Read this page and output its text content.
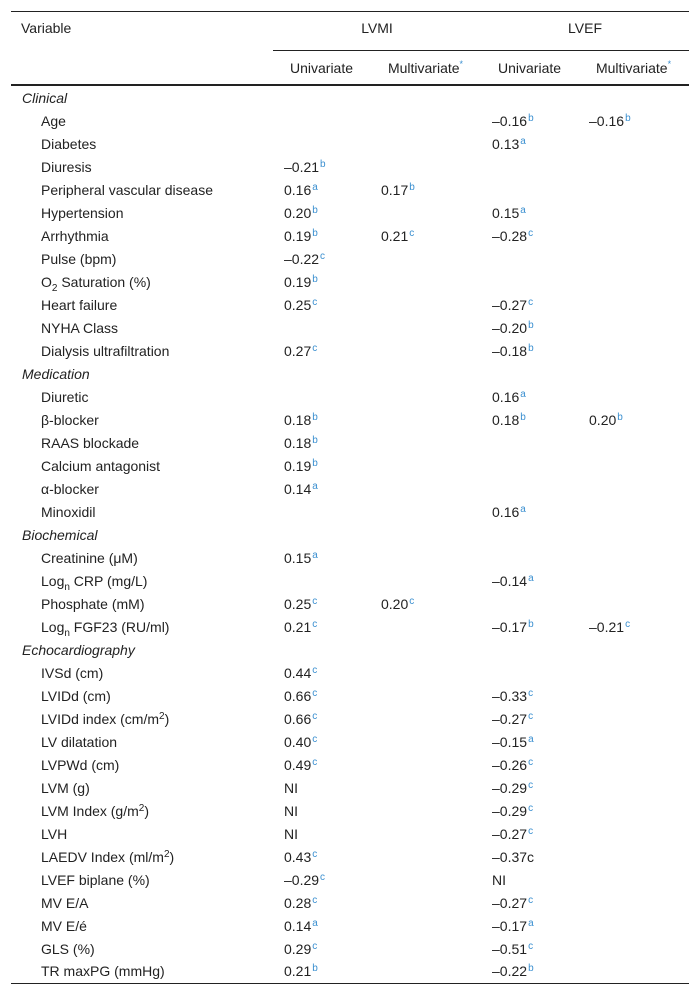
Variable	LVMI		LVEF	

	Univariate	Multivariate*	Univariate	Multivariate*
Clinical				
Age			–0.16$^b$	–0.16$^b$
Diabetes			0.13$^a$	
Diuresis	–0.21$^b$			
Peripheral vascular disease	0.16$^a$	0.17$^b$		
Hypertension	0.20$^b$		0.15$^a$	
Arrhythmia	0.19$^b$	0.21$^c$	–0.28$^c$	
Pulse (bpm)	–0.22$^c$			
$O_2$ Saturation (%)	0.19$^b$			
Heart failure	0.25$^c$		–0.27$^c$	
NYHA Class			–0.20$^b$	
Dialysis ultrafiltration	0.27$^c$		–0.18$^b$	
Medication				
Diuretic			0.16$^a$	
β-blocker	0.18$^b$		0.18$^b$	0.20$^b$
RAAS blockade	0.18$^b$			
Calcium antagonist	0.19$^b$			
α-blocker	0.14$^a$			
Minoxidil			0.16$^a$	
Biochemical				
Creatinine (μM)	0.15$^a$			
Log$_n$ CRP (mg/L)			–0.14$^a$	
Phosphate (mM)	0.25$^c$	0.20$^c$		
Log$_n$ FGF23 (RU/ml)	0.21$^c$		–0.17$^b$	–0.21$^c$
Echocardiography				
IVSd (cm)	0.44$^c$			
LVIDd (cm)	0.66$^c$		–0.33$^c$	
LVIDd index $(cm/m^2)$	0.66$^c$		–0.27$^c$	
LV dilatation	0.40$^c$		–0.15$^a$	
LVPWd (cm)	0.49$^c$		–0.26$^c$	
LVM (g)	NI		–0.29$^c$	
LVM Index $(g/m^2)$	NI		–0.29$^c$	
LVH	NI		–0.27$^c$	
LAEDV Index $(ml/m^2)$	0.43$^c$		–0.37c	
LVEF biplane (%)	–0.29$^c$		NI	
MV E/A	0.28$^c$		–0.27$^c$	
MV E/é	0.14$^a$		–0.17$^a$	
GLS (%)	0.29$^c$		–0.51$^c$	
TR maxPG (mmHg)	0.21$^b$		–0.22$^b$	
